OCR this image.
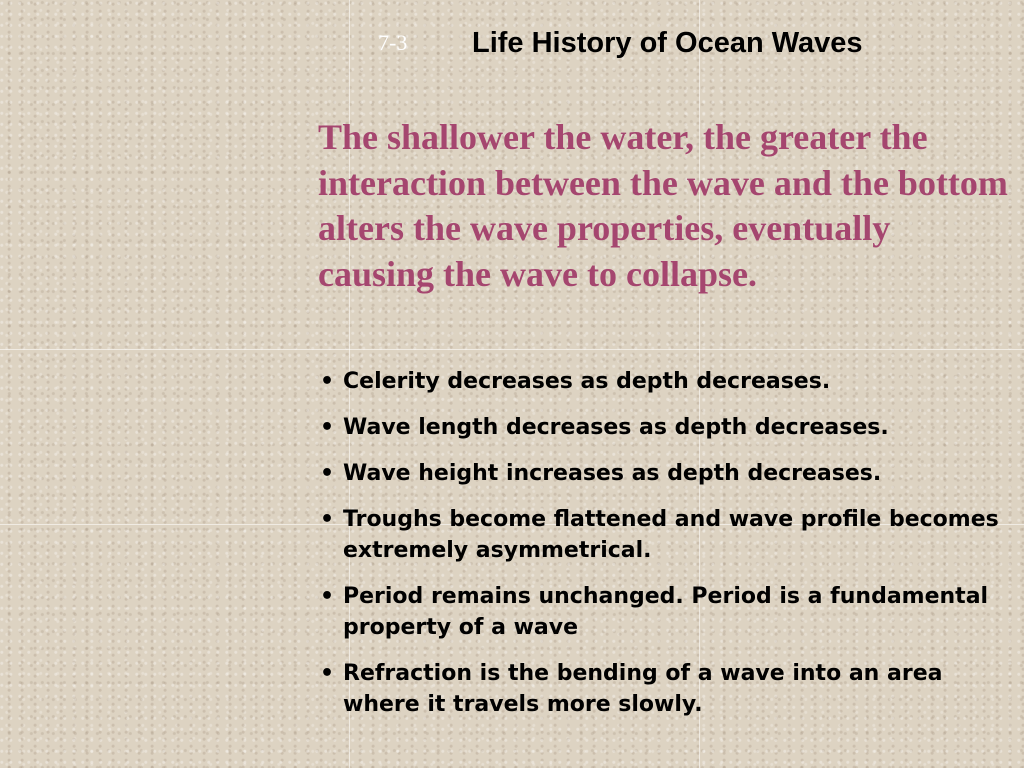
7-3 Life History of Ocean Waves

The shallower the water, the greater the interaction between the wave and the bottom alters the wave properties, eventually causing the wave to collapse.

• Celerity decreases as depth decreases.
• Wave length decreases as depth decreases.
• Wave height increases as depth decreases.
• Troughs become flattened and wave profile becomes extremely asymmetrical.
• Period remains unchanged. Period is a fundamental property of a wave
• Refraction is the bending of a wave into an area where it travels more slowly.
